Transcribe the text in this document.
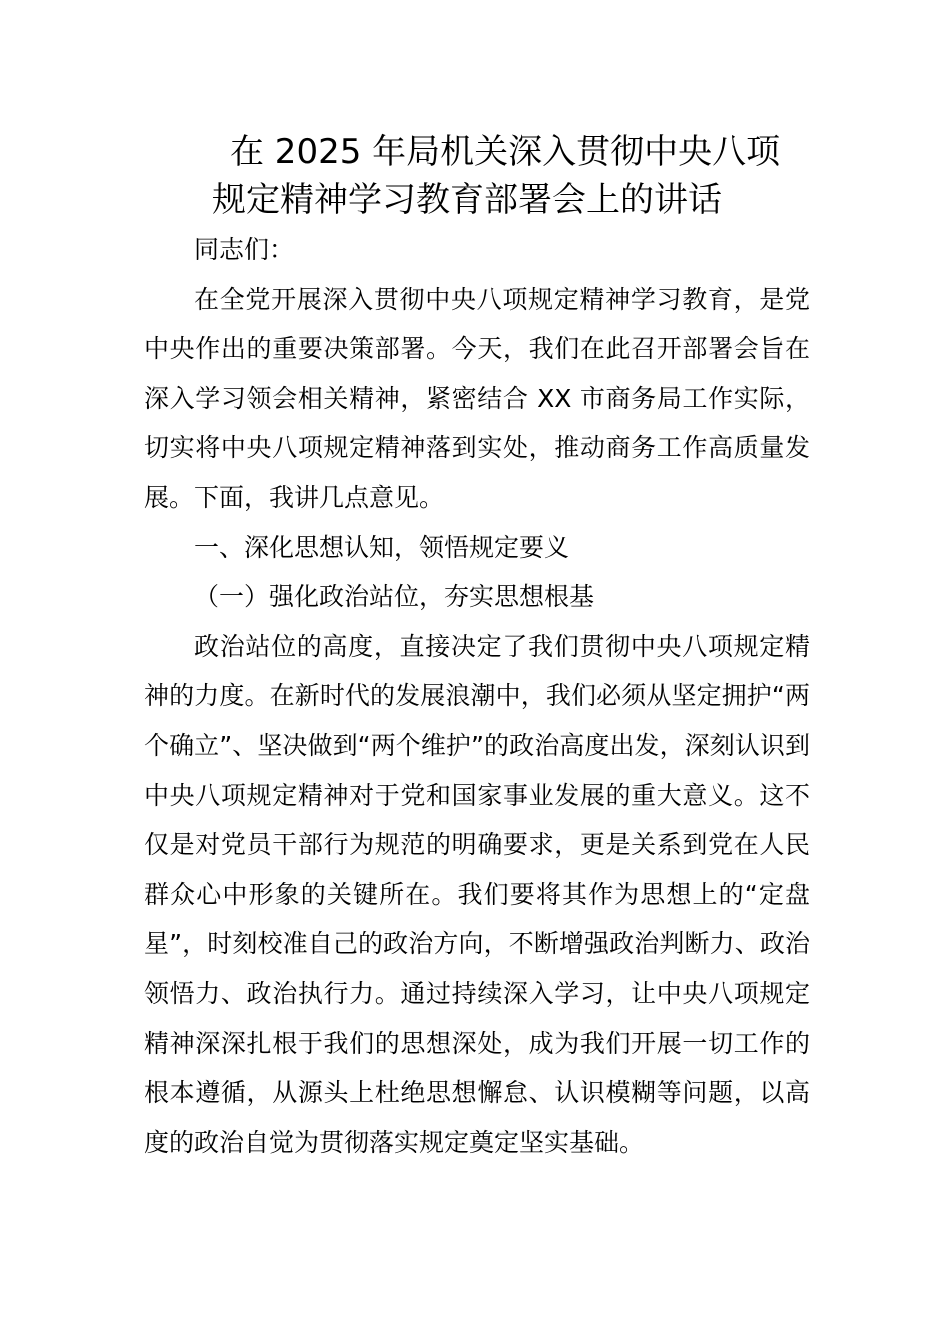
在 2025 年局机关深入贯彻中央八项
规定精神学习教育部署会上的讲话

同志们：

在全党开展深入贯彻中央八项规定精神学习教育，是党中央作出的重要决策部署。今天，我们在此召开部署会旨在深入学习领会相关精神，紧密结合 XX 市商务局工作实际，切实将中央八项规定精神落到实处，推动商务工作高质量发展。下面，我讲几点意见。

一、深化思想认知，领悟规定要义

（一）强化政治站位，夯实思想根基

政治站位的高度，直接决定了我们贯彻中央八项规定精神的力度。在新时代的发展浪潮中，我们必须从坚定拥护“两个确立”、坚决做到“两个维护”的政治高度出发，深刻认识到中央八项规定精神对于党和国家事业发展的重大意义。这不仅是对党员干部行为规范的明确要求，更是关系到党在人民群众心中形象的关键所在。我们要将其作为思想上的“定盘星”，时刻校准自己的政治方向，不断增强政治判断力、政治领悟力、政治执行力。通过持续深入学习，让中央八项规定精神深深扎根于我们的思想深处，成为我们开展一切工作的根本遵循，从源头上杜绝思想懈怠、认识模糊等问题，以高度的政治自觉为贯彻落实规定奠定坚实基础。
